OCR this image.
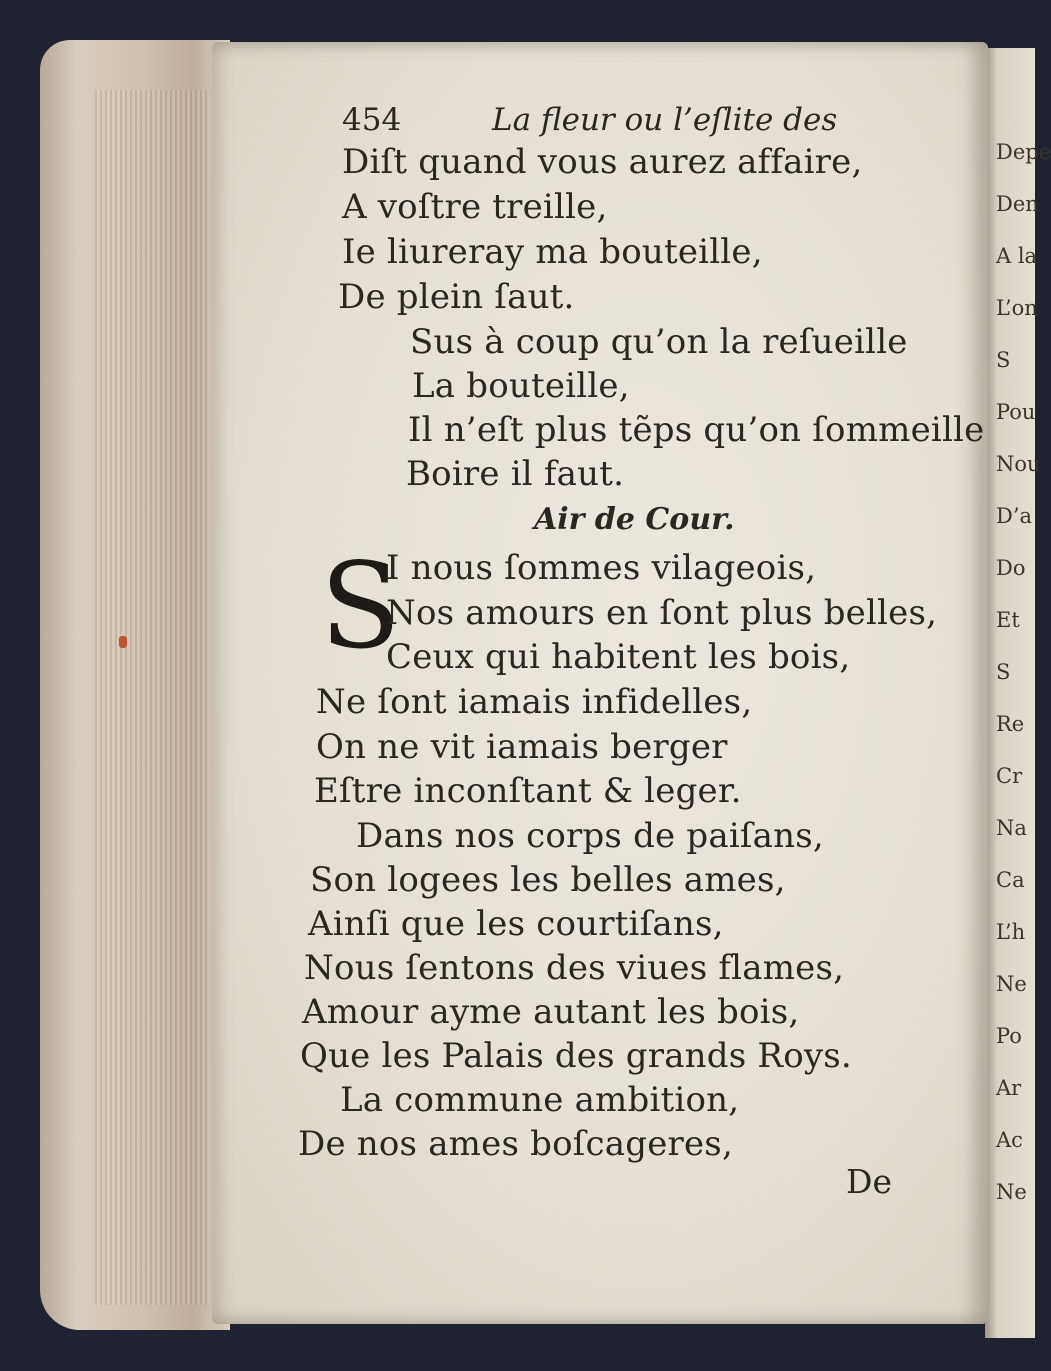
Depe
Den
A la
L’on
S
Pou
Nou
D’a
Do
Et
S
Re
Cr
Na
Ca
L’h
Ne
Po
Ar
Ac
Ne
454	La fleur ou l’eſlite des
Diſt quand vous aurez affaire,
A voſtre treille,
Ie liureray ma bouteille,
De plein ſaut.
Sus à coup qu’on la reſueille
La bouteille,
Il n’eſt plus tẽps qu’on ſommeille
Boire il faut.
Air de Cour.
S
I nous ſommes vilageois,
Nos amours en ſont plus belles,
Ceux qui habitent les bois,
Ne ſont iamais infidelles,
On ne vit iamais berger
Eſtre inconſtant & leger.
Dans nos corps de paiſans,
Son logees les belles ames,
Ainſi que les courtiſans,
Nous ſentons des viues flames,
Amour ayme autant les bois,
Que les Palais des grands Roys.
La commune ambition,
De nos ames boſcageres,
De
